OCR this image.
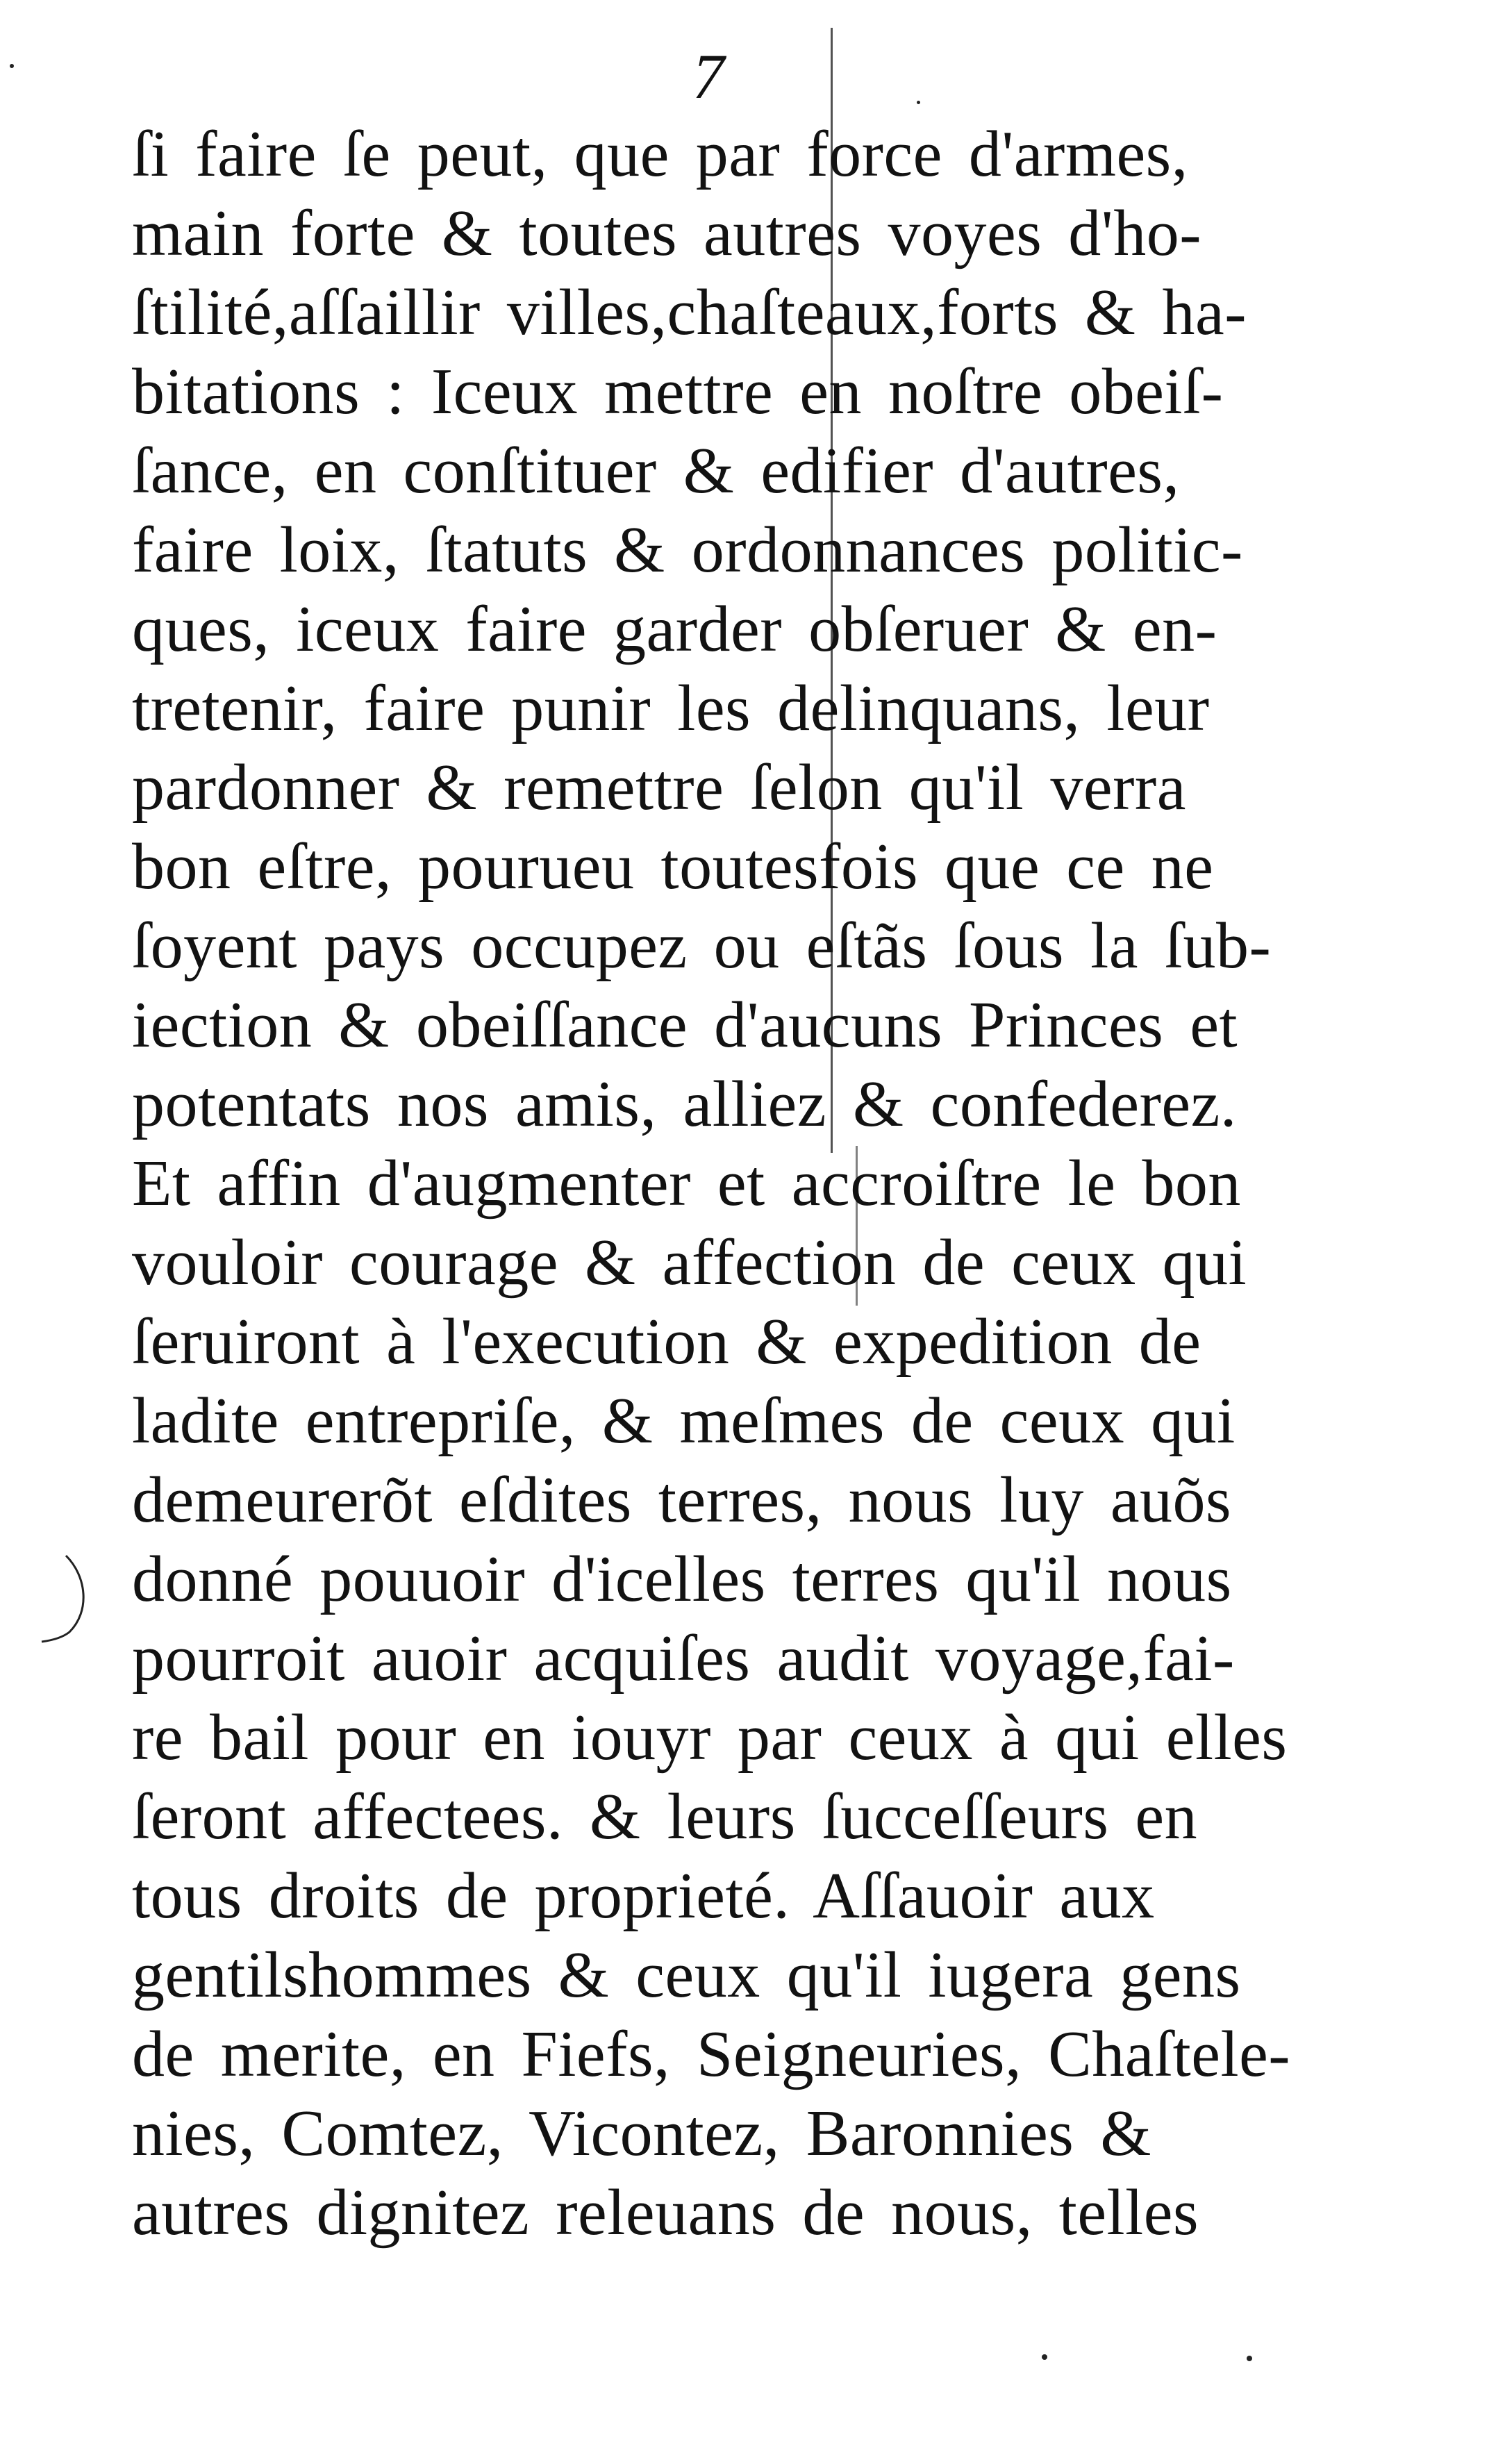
7
ſi faire ſe peut, que par force d'armes,
main forte & toutes autres voyes d'ho-
ſtilité,aſſaillir villes,chaſteaux,forts & ha-
bitations : Iceux mettre en noſtre obeiſ-
ſance, en conſtituer & edifier d'autres,
faire loix, ſtatuts & ordonnances politic-
ques, iceux faire garder obſeruer & en-
tretenir, faire punir les delinquans, leur
pardonner & remettre ſelon qu'il verra
bon eſtre, pourueu toutesfois que ce ne
ſoyent pays occupez ou eſtãs ſous la ſub-
iection & obeiſſance d'aucuns Princes et
potentats nos amis, alliez & confederez.
Et affin d'augmenter et accroiſtre le bon
vouloir courage & affection de ceux qui
ſeruiront à l'execution & expedition de
ladite entrepriſe, & meſmes de ceux qui
demeurerõt eſdites terres, nous luy auõs
donné pouuoir d'icelles terres qu'il nous
pourroit auoir acquiſes audit voyage,fai-
re bail pour en iouyr par ceux à qui elles
ſeront affectees. & leurs ſucceſſeurs en
tous droits de proprieté. Aſſauoir aux
gentilshommes & ceux qu'il iugera gens
de merite, en Fiefs, Seigneuries, Chaſtele-
nies, Comtez, Vicontez, Baronnies &
autres dignitez releuans de nous, telles
